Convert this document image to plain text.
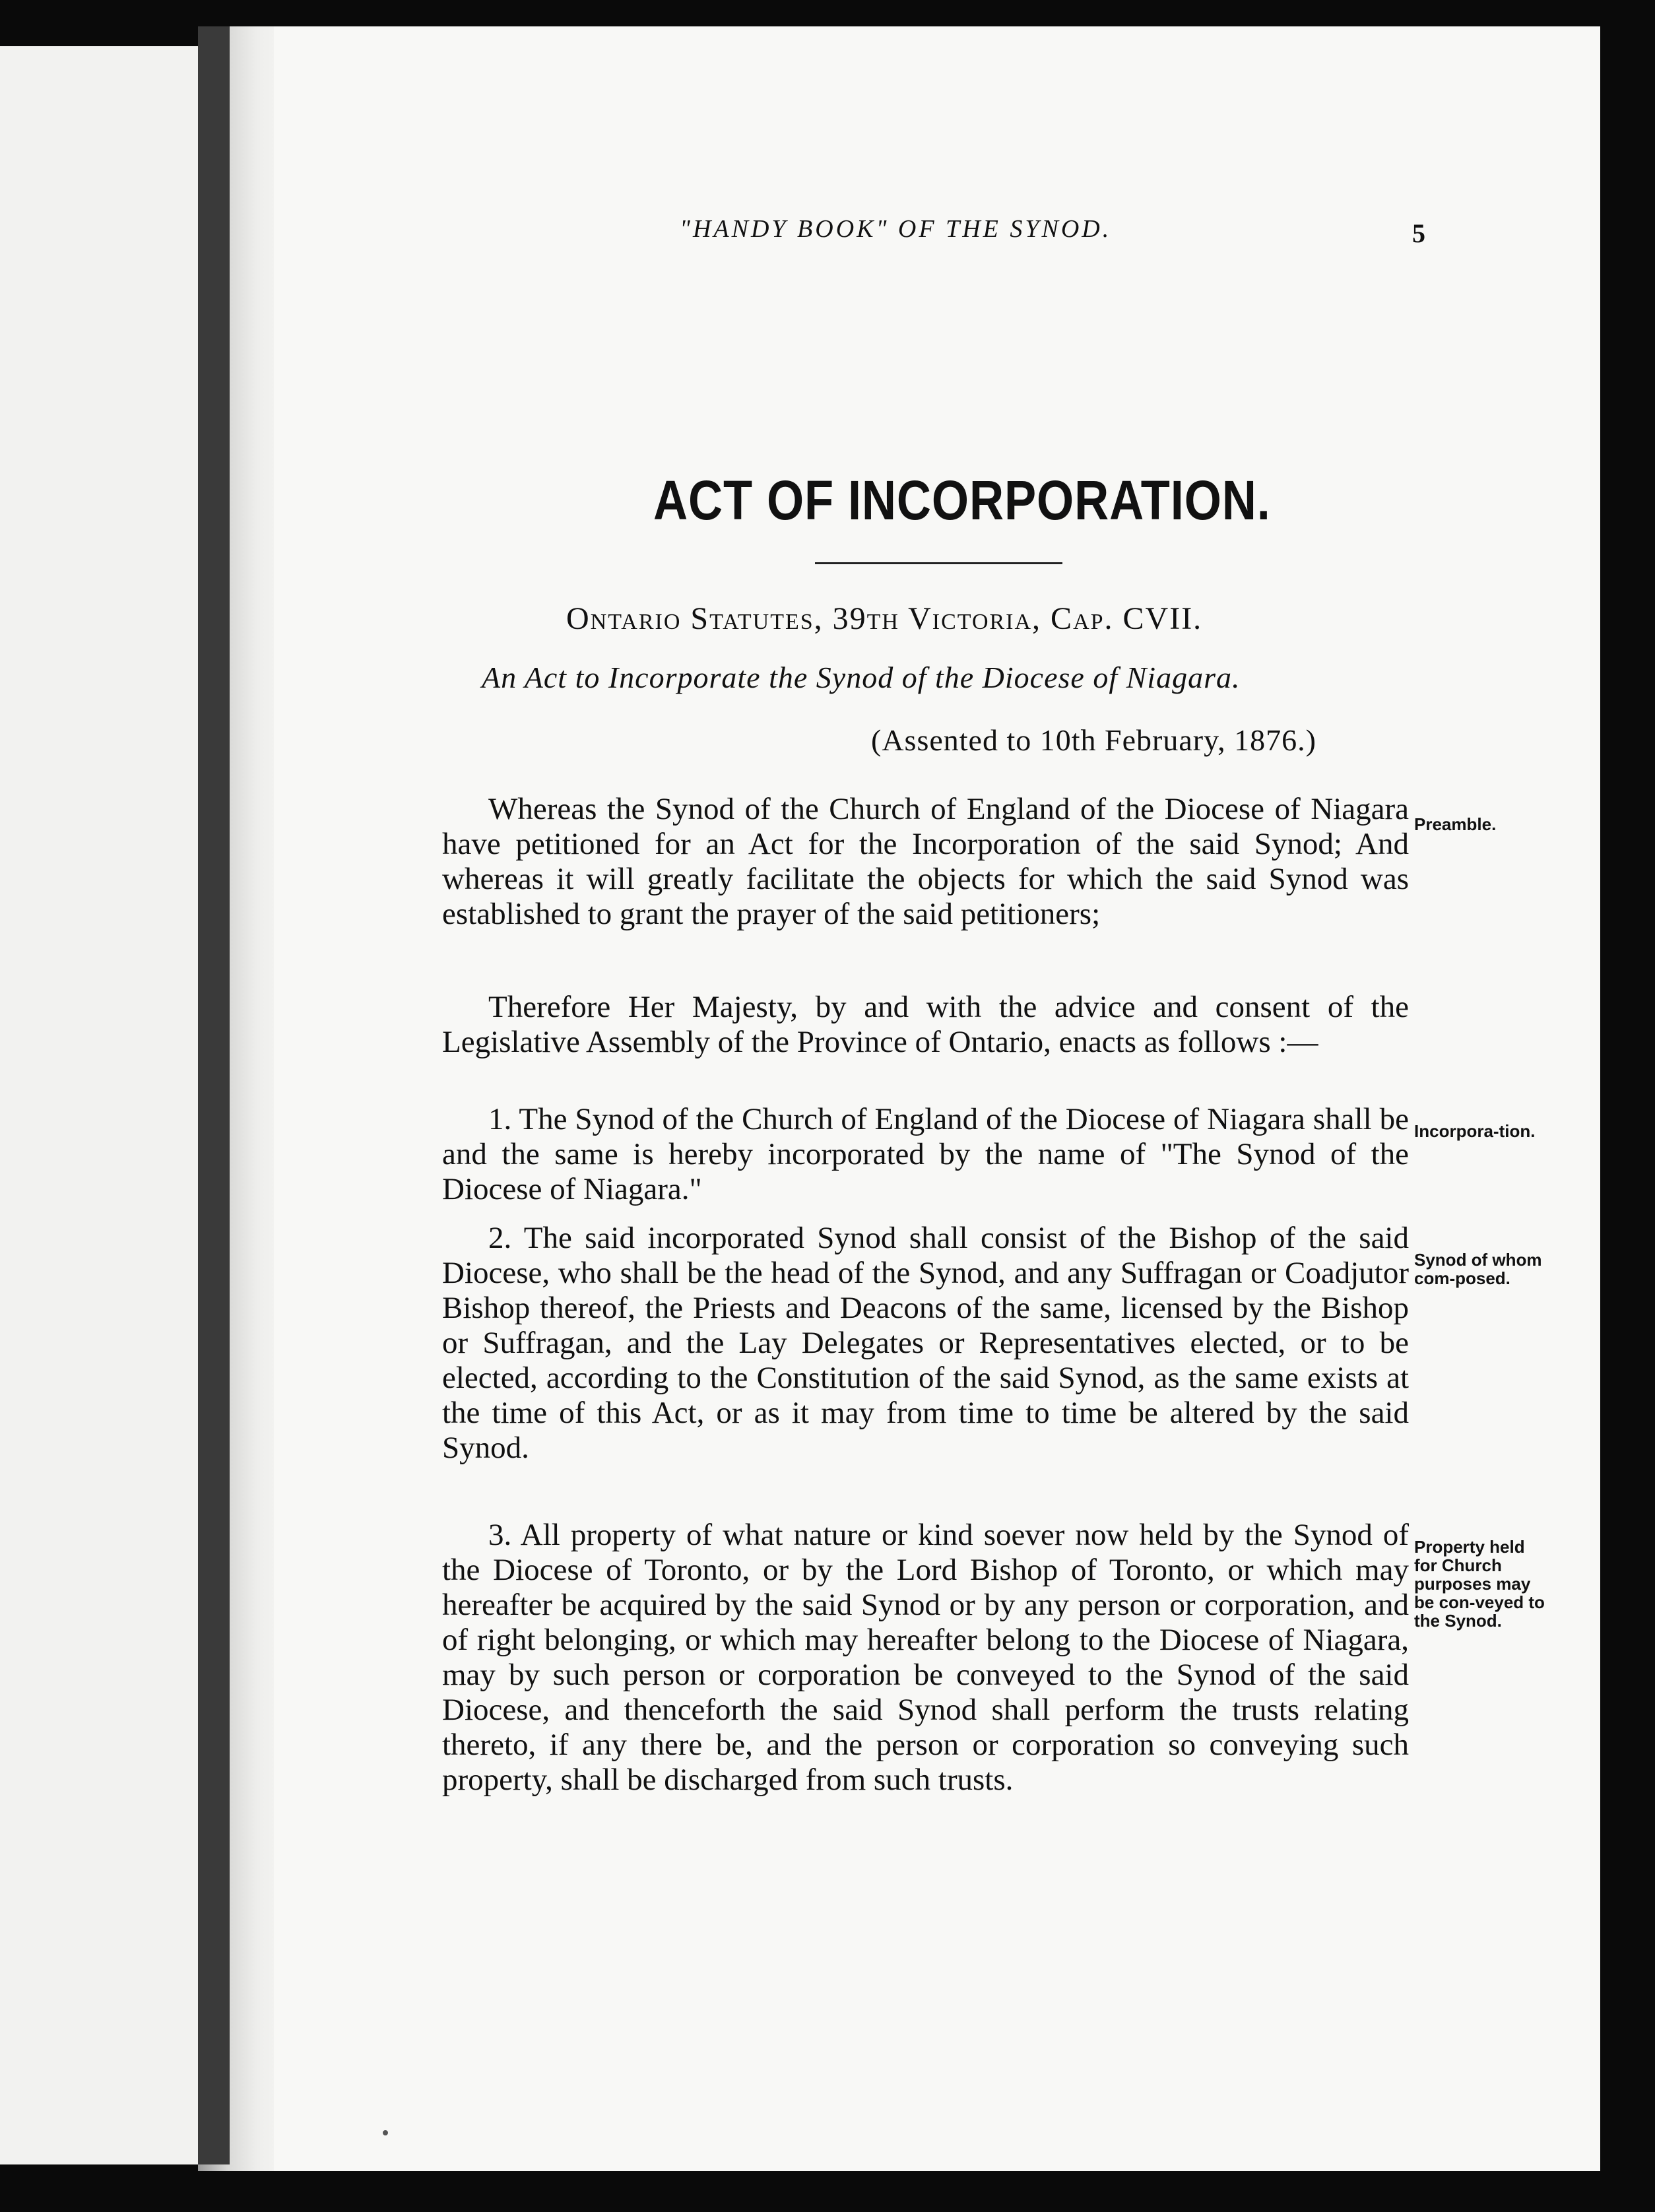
"HANDY BOOK" OF THE SYNOD.	5
ACT OF INCORPORATION.
Ontario Statutes, 39th Victoria, Cap. CVII.
An Act to Incorporate the Synod of the Diocese of Niagara.
(Assented to 10th February, 1876.)

Whereas the Synod of the Church of England of the Diocese of Niagara have petitioned for an Act for the Incorporation of the said Synod; And whereas it will greatly facilitate the objects for which the said Synod was established to grant the prayer of the said petitioners;

Preamble.

Therefore Her Majesty, by and with the advice and consent of the Legislative Assembly of the Province of Ontario, enacts as follows :—

1. The Synod of the Church of England of the Diocese of Niagara shall be and the same is hereby incorporated by the name of "The Synod of the Diocese of Niagara."

Incorpora-tion.

2. The said incorporated Synod shall consist of the Bishop of the said Diocese, who shall be the head of the Synod, and any Suffragan or Coadjutor Bishop thereof, the Priests and Deacons of the same, licensed by the Bishop or Suffragan, and the Lay Delegates or Representatives elected, or to be elected, according to the Constitution of the said Synod, as the same exists at the time of this Act, or as it may from time to time be altered by the said Synod.

Synod of whom com-posed.

3. All property of what nature or kind soever now held by the Synod of the Diocese of Toronto, or by the Lord Bishop of Toronto, or which may hereafter be acquired by the said Synod or by any person or corporation, and of right belonging, or which may hereafter belong to the Diocese of Niagara, may by such person or corporation be conveyed to the Synod of the said Diocese, and thenceforth the said Synod shall perform the trusts relating thereto, if any there be, and the person or corporation so conveying such property, shall be discharged from such trusts.

Property held for Church purposes may be con-veyed to the Synod.
